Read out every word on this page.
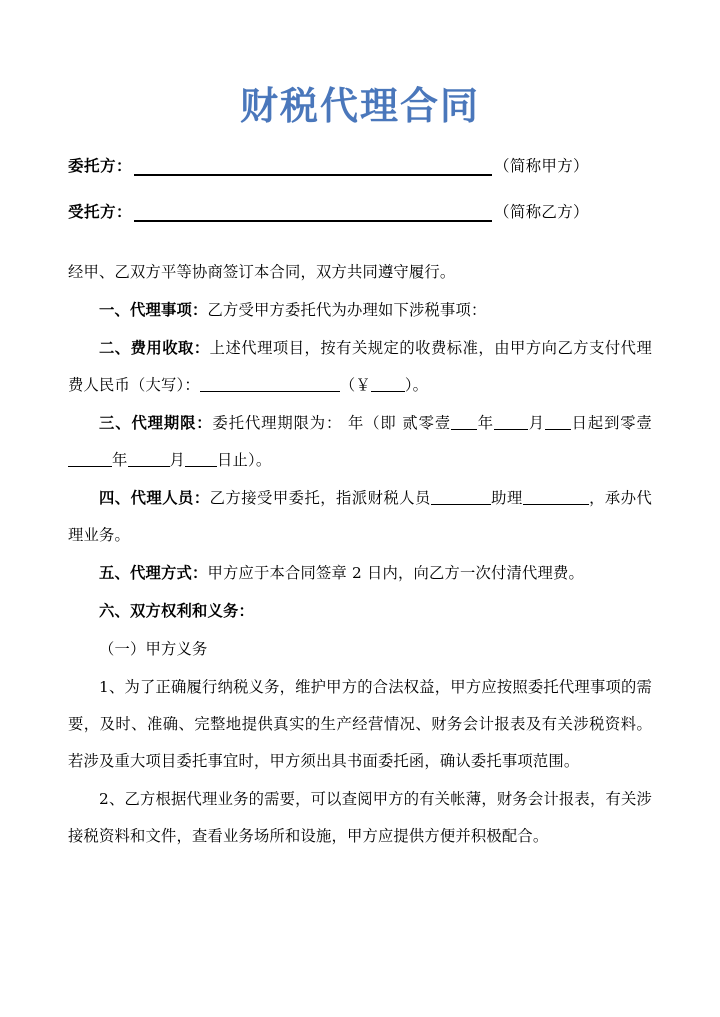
财税代理合同
委托方：	（简称甲方）
受托方：	（简称乙方）

经甲、乙双方平等协商签订本合同，双方共同遵守履行。

一、代理事项：乙方受甲方委托代为办理如下涉税事项：

二、费用收取：上述代理项目，按有关规定的收费标准，由甲方向乙方支付代理费人民币（大写）：	（￥ ）。

三、代理期限：委托代理期限为： 年（即 贰零壹 年 月 日起到零壹年	月 日止）。

四、代理人员：乙方接受甲委托，指派财税人员	助理	，承办代理业务。

五、代理方式：甲方应于本合同签章 2 日内，向乙方一次付清代理费。

六、双方权利和义务：

（一）甲方义务

1、为了正确履行纳税义务，维护甲方的合法权益，甲方应按照委托代理事项的需要，及时、准确、完整地提供真实的生产经营情况、财务会计报表及有关涉税资料。若涉及重大项目委托事宜时，甲方须出具书面委托函，确认委托事项范围。

2、乙方根据代理业务的需要，可以查阅甲方的有关帐薄，财务会计报表，有关涉接税资料和文件，查看业务场所和设施，甲方应提供方便并积极配合。
